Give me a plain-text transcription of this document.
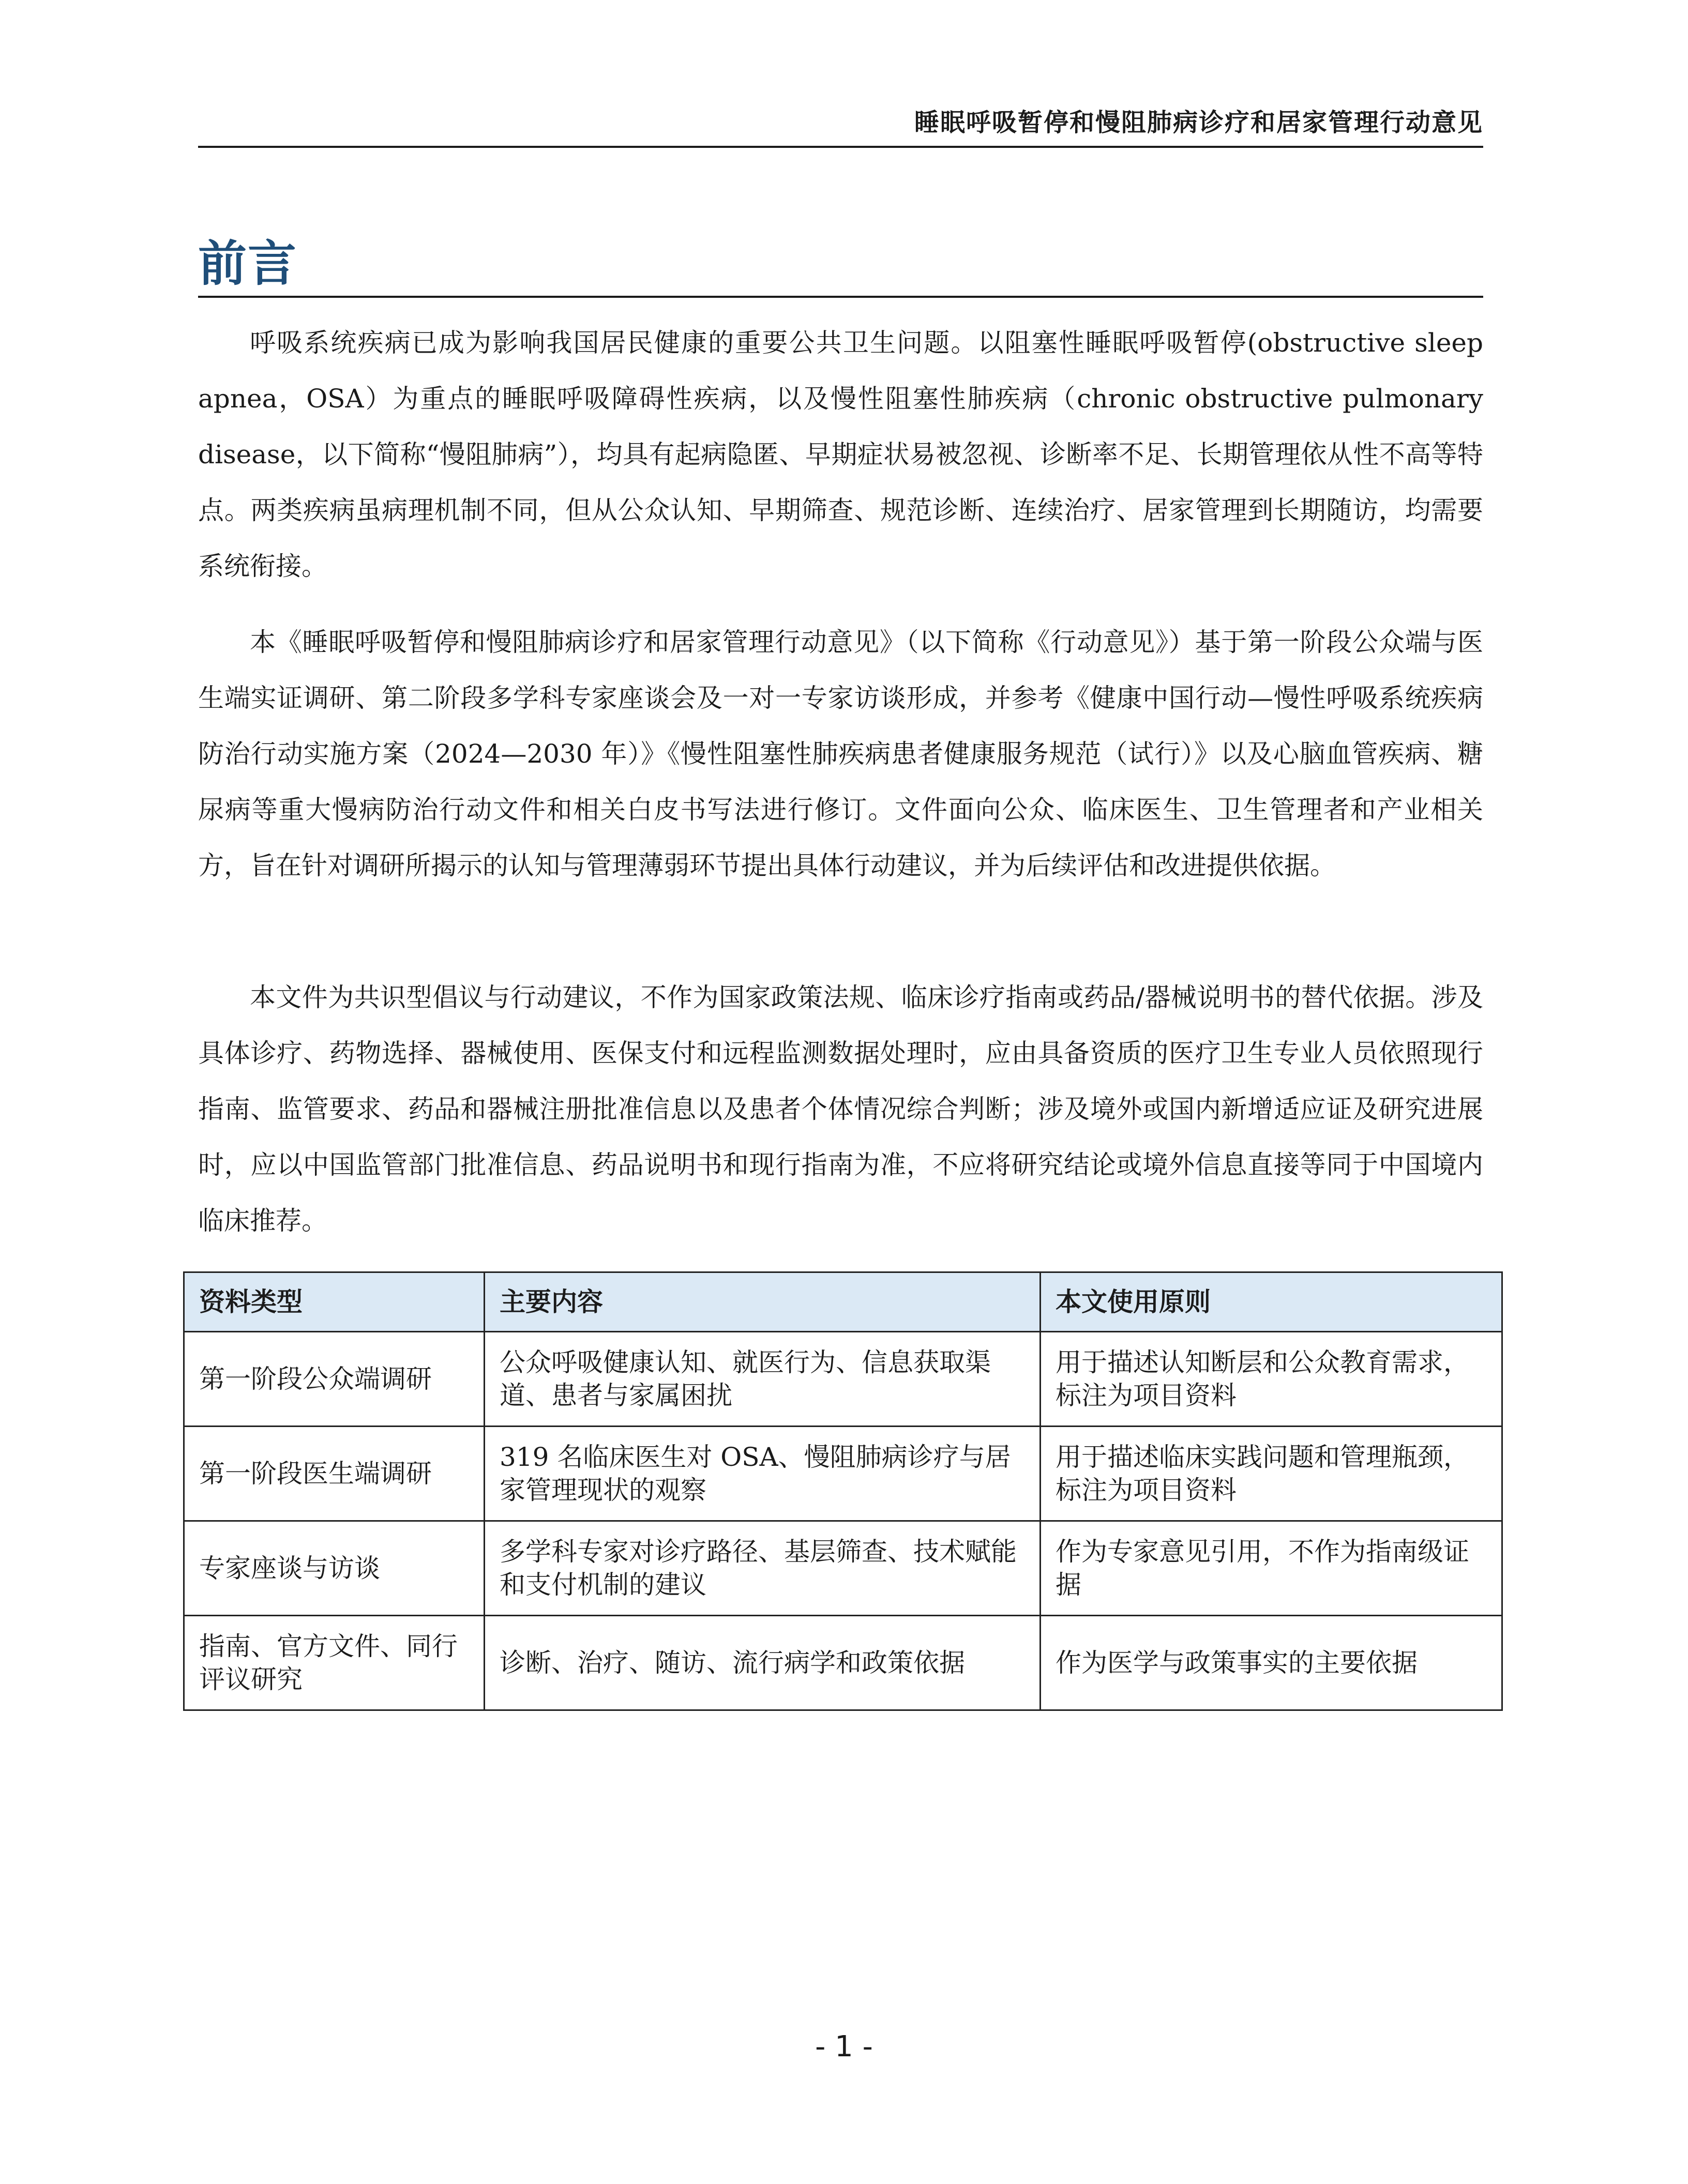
睡眠呼吸暂停和慢阻肺病诊疗和居家管理行动意见
前言

呼吸系统疾病已成为影响我国居民健康的重要公共卫生问题。以阻塞性睡眠呼吸暂停(obstructive sleep apnea，OSA）为重点的睡眠呼吸障碍性疾病，以及慢性阻塞性肺疾病（chronic obstructive pulmonary disease，以下简称“慢阻肺病”），均具有起病隐匿、早期症状易被忽视、诊断率不足、长期管理依从性不高等特点。两类疾病虽病理机制不同，但从公众认知、早期筛查、规范诊断、连续治疗、居家管理到长期随访，均需要系统衔接。

本《睡眠呼吸暂停和慢阻肺病诊疗和居家管理行动意见》（以下简称《行动意见》）基于第一阶段公众端与医生端实证调研、第二阶段多学科专家座谈会及一对一专家访谈形成，并参考《健康中国行动—慢性呼吸系统疾病防治行动实施方案（2024—2030 年）》《慢性阻塞性肺疾病患者健康服务规范（试行）》以及心脑血管疾病、糖尿病等重大慢病防治行动文件和相关白皮书写法进行修订。文件面向公众、临床医生、卫生管理者和产业相关方，旨在针对调研所揭示的认知与管理薄弱环节提出具体行动建议，并为后续评估和改进提供依据。

本文件为共识型倡议与行动建议，不作为国家政策法规、临床诊疗指南或药品/器械说明书的替代依据。涉及具体诊疗、药物选择、器械使用、医保支付和远程监测数据处理时，应由具备资质的医疗卫生专业人员依照现行指南、监管要求、药品和器械注册批准信息以及患者个体情况综合判断；涉及境外或国内新增适应证及研究进展时，应以中国监管部门批准信息、药品说明书和现行指南为准，不应将研究结论或境外信息直接等同于中国境内临床推荐。

资料类型	主要内容	本文使用原则
第一阶段公众端调研	公众呼吸健康认知、就医行为、信息获取渠道、患者与家属困扰	用于描述认知断层和公众教育需求，标注为项目资料
第一阶段医生端调研	319 名临床医生对 OSA、慢阻肺病诊疗与居家管理现状的观察	用于描述临床实践问题和管理瓶颈，标注为项目资料
专家座谈与访谈	多学科专家对诊疗路径、基层筛查、技术赋能和支付机制的建议	作为专家意见引用，不作为指南级证据
指南、官方文件、同行评议研究	诊断、治疗、随访、流行病学和政策依据	作为医学与政策事实的主要依据
- 1 -
